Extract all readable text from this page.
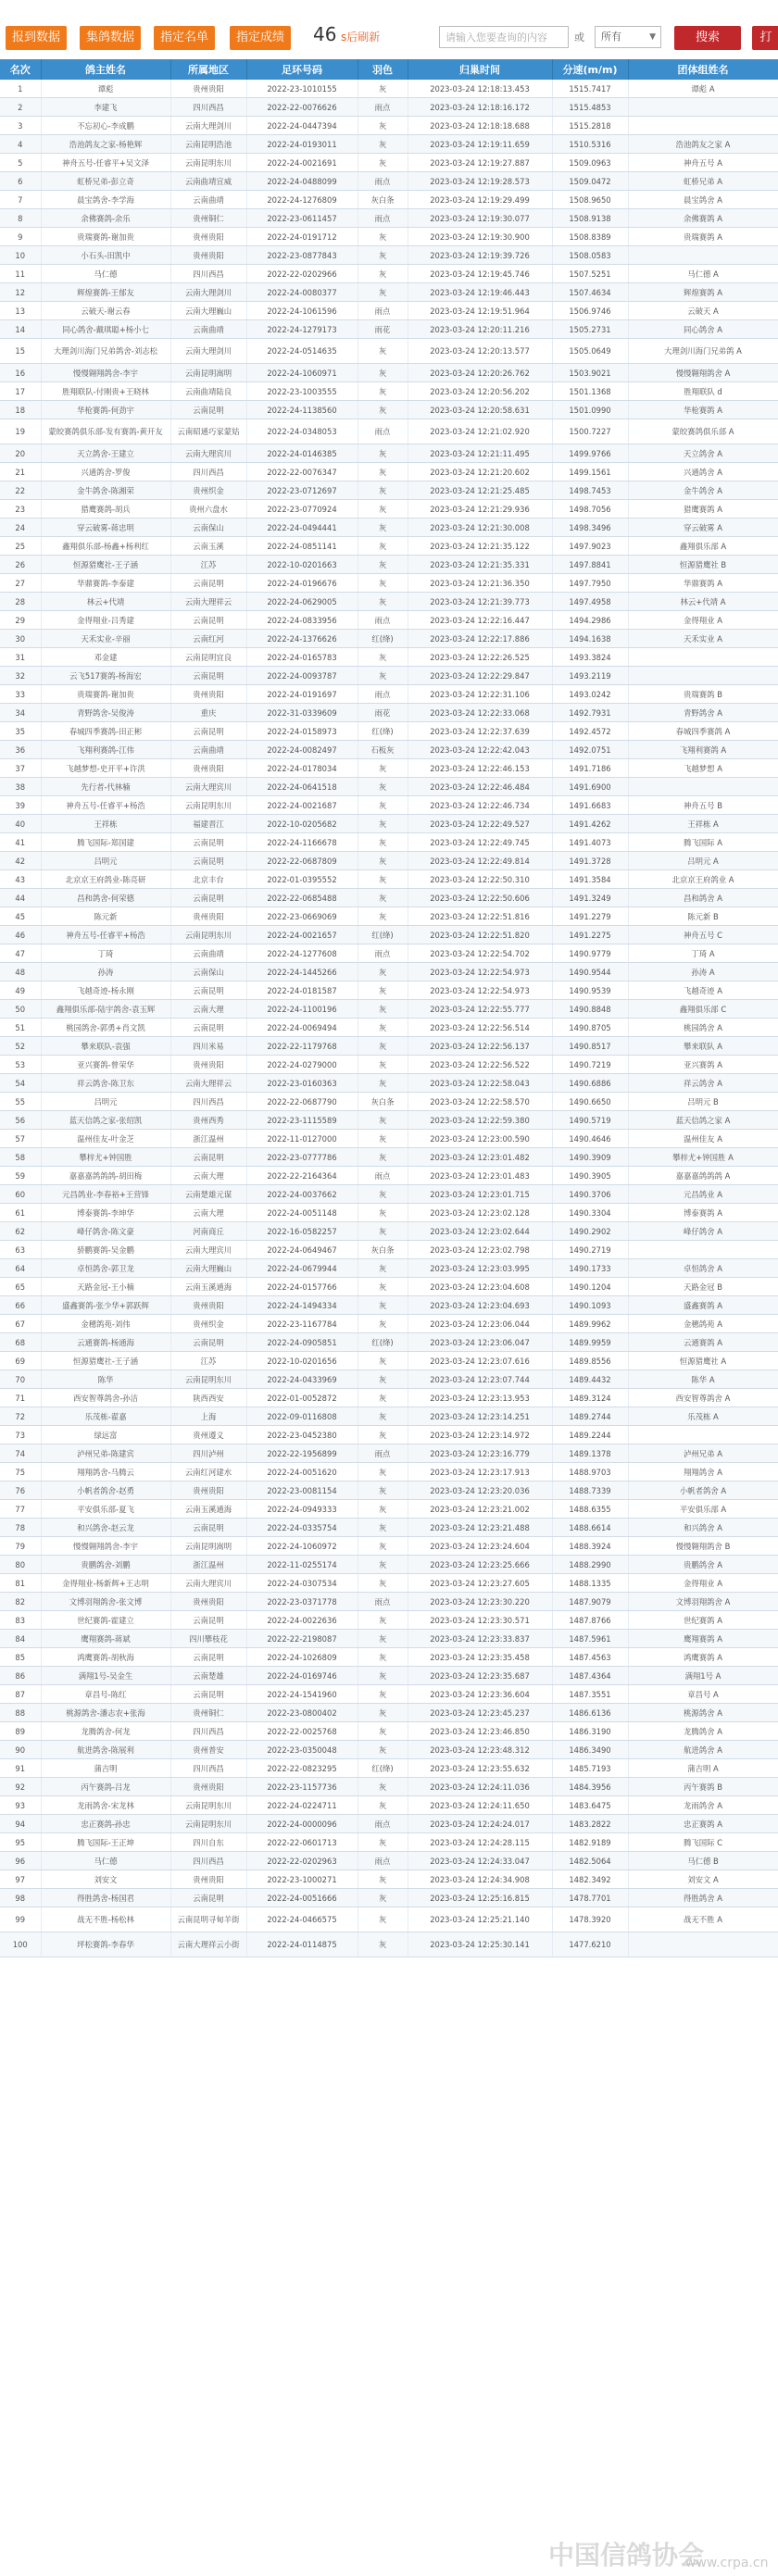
报到数据	集鸽数据	指定名单	指定成绩	46 s后刷新	请输入您要查询的内容	或	所有	▼	搜索	打
名次	鸽主姓名	所属地区	足环号码	羽色	归巢时间	分速(m/m)	团体组姓名
1	谭彪	贵州贵阳	2022-23-1010155	灰	2023-03-24 12:18:13.453	1515.7417	谭彪 A
2	李建飞	四川西昌	2022-22-0076626	雨点	2023-03-24 12:18:16.172	1515.4853	
3	不忘初心-李成鹏	云南大理剑川	2022-24-0447394	灰	2023-03-24 12:18:18.688	1515.2818	
4	浩池鸽友之家-杨艳辉	云南昆明浩池	2022-24-0193011	灰	2023-03-24 12:19:11.659	1510.5316	浩池鸽友之家 A
5	神舟五号-任睿平+吴文泽	云南昆明东川	2022-24-0021691	灰	2023-03-24 12:19:27.887	1509.0963	神舟五号 A
6	虹桥兄弟-彭立奇	云南曲靖宣威	2022-24-0488099	雨点	2023-03-24 12:19:28.573	1509.0472	虹桥兄弟 A
7	晨宝鸽舍-李学海	云南曲靖	2022-24-1276809	灰白条	2023-03-24 12:19:29.499	1508.9650	晨宝鸽舍 A
8	余佛赛鸽-余乐	贵州铜仁	2022-23-0611457	雨点	2023-03-24 12:19:30.077	1508.9138	余佛赛鸽 A
9	贵瑞赛鸽-谢加贵	贵州贵阳	2022-24-0191712	灰	2023-03-24 12:19:30.900	1508.8389	贵瑞赛鸽 A
10	小石头-田凯中	贵州贵阳	2022-23-0877843	灰	2023-03-24 12:19:39.726	1508.0583	
11	马仁德	四川西昌	2022-22-0202966	灰	2023-03-24 12:19:45.746	1507.5251	马仁德 A
12	辉煌赛鸽-王郁友	云南大理剑川	2022-24-0080377	灰	2023-03-24 12:19:46.443	1507.4634	辉煌赛鸽 A
13	云破天-谢云春	云南大理巍山	2022-24-1061596	雨点	2023-03-24 12:19:51.964	1506.9746	云破天 A
14	同心鸽舍-戴琪聪+杨小七	云南曲靖	2022-24-1279173	雨花	2023-03-24 12:20:11.216	1505.2731	同心鸽舍 A
15	大理剑川海门兄弟鸽舍-刘志松	云南大理剑川	2022-24-0514635	灰	2023-03-24 12:20:13.577	1505.0649	大理剑川海门兄弟鸽 A
16	慢慢翱翔鸽舍-李宇	云南昆明嵩明	2022-24-1060971	灰	2023-03-24 12:20:26.762	1503.9021	慢慢翱翔鸽舍 A
17	胜翔联队-付刚贵+王晓林	云南曲靖陆良	2022-23-1003555	灰	2023-03-24 12:20:56.202	1501.1368	胜翔联队 d
18	华枪赛鸽-何劲宇	云南昆明	2022-24-1138560	灰	2023-03-24 12:20:58.631	1501.0990	华枪赛鸽 A
19	蒙皎赛鸽俱乐部-发有赛鸽-黄开友	云南昭通巧家蒙姑	2022-24-0348053	雨点	2023-03-24 12:21:02.920	1500.7227	蒙皎赛鸽俱乐部 A
20	天立鸽舍-王建立	云南大理宾川	2022-24-0146385	灰	2023-03-24 12:21:11.495	1499.9766	天立鸽舍 A
21	兴通鸽舍-罗俊	四川西昌	2022-22-0076347	灰	2023-03-24 12:21:20.602	1499.1561	兴通鸽舍 A
22	金牛鸽舍-陈湘荣	贵州织金	2022-23-0712697	灰	2023-03-24 12:21:25.485	1498.7453	金牛鸽舍 A
23	猎鹰赛鸽-胡兵	贵州六盘水	2022-23-0770924	灰	2023-03-24 12:21:29.936	1498.7056	猎鹰赛鸽 A
24	穿云破雾-蒋忠明	云南保山	2022-24-0494441	灰	2023-03-24 12:21:30.008	1498.3496	穿云破雾 A
25	鑫翔俱乐部-杨鑫+杨利红	云南玉溪	2022-24-0851141	灰	2023-03-24 12:21:35.122	1497.9023	鑫翔俱乐部 A
26	恒源猎鹰社-王子涵	江苏	2022-10-0201663	灰	2023-03-24 12:21:35.331	1497.8841	恒源猎鹰社 B
27	华鼎赛鸽-李泰建	云南昆明	2022-24-0196676	灰	2023-03-24 12:21:36.350	1497.7950	华鼎赛鸽 A
28	林云+代靖	云南大理祥云	2022-24-0629005	灰	2023-03-24 12:21:39.773	1497.4958	林云+代靖 A
29	金得翔业-吕秀建	云南昆明	2022-24-0833956	雨点	2023-03-24 12:22:16.447	1494.2986	金得翔业 A
30	天禾实业-辛丽	云南红河	2022-24-1376626	红(绛)	2023-03-24 12:22:17.886	1494.1638	天禾实业 A
31	邓金建	云南昆明宜良	2022-24-0165783	灰	2023-03-24 12:22:26.525	1493.3824	
32	云飞517赛鸽-杨海宏	云南昆明	2022-24-0093787	灰	2023-03-24 12:22:29.847	1493.2119	
33	贵瑞赛鸽-谢加贵	贵州贵阳	2022-24-0191697	雨点	2023-03-24 12:22:31.106	1493.0242	贵瑞赛鸽 B
34	青野鸽舍-吴俊涛	重庆	2022-31-0339609	雨花	2023-03-24 12:22:33.068	1492.7931	青野鸽舍 A
35	春城四季赛鸽-田正彬	云南昆明	2022-24-0158973	红(绛)	2023-03-24 12:22:37.639	1492.4572	春城四季赛鸽 A
36	飞翔利赛鸽-江伟	云南曲靖	2022-24-0082497	石板灰	2023-03-24 12:22:42.043	1492.0751	飞翔利赛鸽 A
37	飞越梦想-史开平+许洪	贵州贵阳	2022-24-0178034	灰	2023-03-24 12:22:46.153	1491.7186	飞越梦想 A
38	先行者-代林楠	云南大理宾川	2022-24-0641518	灰	2023-03-24 12:22:46.484	1491.6900	
39	神舟五号-任睿平+杨浩	云南昆明东川	2022-24-0021687	灰	2023-03-24 12:22:46.734	1491.6683	神舟五号 B
40	王祥栋	福建晋江	2022-10-0205682	灰	2023-03-24 12:22:49.527	1491.4262	王祥栋 A
41	腾飞国际-郑国建	云南昆明	2022-24-1166678	灰	2023-03-24 12:22:49.745	1491.4073	腾飞国际 A
42	吕明元	云南昆明	2022-22-0687809	灰	2023-03-24 12:22:49.814	1491.3728	吕明元 A
43	北京京王府鸽业-陈亮研	北京丰台	2022-01-0395552	灰	2023-03-24 12:22:50.310	1491.3584	北京京王府鸽业 A
44	昌和鸽舍-何荣德	云南昆明	2022-22-0685488	灰	2023-03-24 12:22:50.606	1491.3249	昌和鸽舍 A
45	陈元新	贵州贵阳	2022-23-0669069	灰	2023-03-24 12:22:51.816	1491.2279	陈元新 B
46	神舟五号-任睿平+杨浩	云南昆明东川	2022-24-0021657	红(绛)	2023-03-24 12:22:51.820	1491.2275	神舟五号 C
47	丁琦	云南曲靖	2022-24-1277608	雨点	2023-03-24 12:22:54.702	1490.9779	丁琦 A
48	孙涛	云南保山	2022-24-1445266	灰	2023-03-24 12:22:54.973	1490.9544	孙涛 A
49	飞越奇迹-杨永刚	云南昆明	2022-24-0181587	灰	2023-03-24 12:22:54.973	1490.9539	飞越奇迹 A
50	鑫翔俱乐部-陆宇鸽舍-袁玉辉	云南大理	2022-24-1100196	灰	2023-03-24 12:22:55.777	1490.8848	鑫翔俱乐部 C
51	桃园鸽舍-郭勇+肖文凯	云南昆明	2022-24-0069494	灰	2023-03-24 12:22:56.514	1490.8705	桃园鸽舍 A
52	攀来联队-袁强	四川米易	2022-22-1179768	灰	2023-03-24 12:22:56.137	1490.8517	攀来联队 A
53	亚兴赛鸽-曾荣华	贵州贵阳	2022-24-0279000	灰	2023-03-24 12:22:56.522	1490.7219	亚兴赛鸽 A
54	祥云鸽舍-陈卫东	云南大理祥云	2022-23-0160363	灰	2023-03-24 12:22:58.043	1490.6886	祥云鸽舍 A
55	吕明元	四川西昌	2022-22-0687790	灰白条	2023-03-24 12:22:58.570	1490.6650	吕明元 B
56	蓝天信鸽之家-张绍凯	贵州西秀	2022-23-1115589	灰	2023-03-24 12:22:59.380	1490.5719	蓝天信鸽之家 A
57	温州佳友-叶金芝	浙江温州	2022-11-0127000	灰	2023-03-24 12:23:00.590	1490.4646	温州佳友 A
58	攀梓尤+钟国胜	云南昆明	2022-23-0777786	灰	2023-03-24 12:23:01.482	1490.3909	攀梓尤+钟国胜 A
59	嘉嘉嘉鸽鸽鸽-胡田梅	云南大理	2022-22-2164364	雨点	2023-03-24 12:23:01.483	1490.3905	嘉嘉嘉鸽鸽鸽 A
60	元昌鸽业-李春裕+王营锋	云南楚雄元谋	2022-24-0037662	灰	2023-03-24 12:23:01.715	1490.3706	元昌鸽业 A
61	博泰赛鸽-李坤华	云南大理	2022-24-0051148	灰	2023-03-24 12:23:02.128	1490.3304	博泰赛鸽 A
62	峰仔鸽舍-陈文豪	河南商丘	2022-16-0582257	灰	2023-03-24 12:23:02.644	1490.2902	峰仔鸽舍 A
63	骄鹏赛鸽-吴金鹏	云南大理宾川	2022-24-0649467	灰白条	2023-03-24 12:23:02.798	1490.2719	
64	卓恒鸽舍-郭卫龙	云南大理巍山	2022-24-0679944	灰	2023-03-24 12:23:03.995	1490.1733	卓恒鸽舍 A
65	天路金冠-王小楠	云南玉溪通海	2022-24-0157766	灰	2023-03-24 12:23:04.608	1490.1204	天路金冠 B
66	盛鑫赛鸽-张少华+郭跃辉	贵州贵阳	2022-24-1494334	灰	2023-03-24 12:23:04.693	1490.1093	盛鑫赛鸽 A
67	金穗鸽苑-刘伟	贵州织金	2022-23-1167784	灰	2023-03-24 12:23:06.044	1489.9962	金穗鸽苑 A
68	云通赛鸽-杨通海	云南昆明	2022-24-0905851	红(绛)	2023-03-24 12:23:06.047	1489.9959	云通赛鸽 A
69	恒源猎鹰社-王子涵	江苏	2022-10-0201656	灰	2023-03-24 12:23:07.616	1489.8556	恒源猎鹰社 A
70	陈华	云南昆明东川	2022-24-0433969	灰	2023-03-24 12:23:07.744	1489.4432	陈华 A
71	西安智尊鸽舍-孙洁	陕西西安	2022-01-0052872	灰	2023-03-24 12:23:13.953	1489.3124	西安智尊鸽舍 A
72	乐茂栋-翟嘉	上海	2022-09-0116808	灰	2023-03-24 12:23:14.251	1489.2744	乐茂栋 A
73	绿远富	贵州遵义	2022-23-0452380	灰	2023-03-24 12:23:14.972	1489.2244	
74	泸州兄弟-陈建宾	四川泸州	2022-22-1956899	雨点	2023-03-24 12:23:16.779	1489.1378	泸州兄弟 A
75	翔翔鸽舍-马腾云	云南红河建水	2022-24-0051620	灰	2023-03-24 12:23:17.913	1488.9703	翔翔鸽舍 A
76	小帆者鸽舍-赵勇	贵州贵阳	2022-23-0081154	灰	2023-03-24 12:23:20.036	1488.7339	小帆者鸽舍 A
77	平安俱乐部-夏飞	云南玉溪通海	2022-24-0949333	灰	2023-03-24 12:23:21.002	1488.6355	平安俱乐部 A
78	和兴鸽舍-赵云龙	云南昆明	2022-24-0335754	灰	2023-03-24 12:23:21.488	1488.6614	和兴鸽舍 A
79	慢慢翱翔鸽舍-李宇	云南昆明嵩明	2022-24-1060972	灰	2023-03-24 12:23:24.604	1488.3924	慢慢翱翔鸽舍 B
80	贵鹏鸽舍-刘鹏	浙江温州	2022-11-0255174	灰	2023-03-24 12:23:25.666	1488.2990	贵鹏鸽舍 A
81	金得翔业-杨新辉+王志明	云南大理宾川	2022-24-0307534	灰	2023-03-24 12:23:27.605	1488.1335	金得翔业 A
82	文博羽翔鸽舍-张文博	贵州贵阳	2022-23-0371778	雨点	2023-03-24 12:23:30.220	1487.9079	文博羽翔鸽舍 A
83	世纪赛鸽-霍建立	云南昆明	2022-24-0022636	灰	2023-03-24 12:23:30.571	1487.8766	世纪赛鸽 A
84	鹰翔赛鸽-蒋斌	四川攀枝花	2022-22-2198087	灰	2023-03-24 12:23:33.837	1487.5961	鹰翔赛鸽 A
85	鸿鹰赛鸽-胡秋海	云南昆明	2022-24-1026809	灰	2023-03-24 12:23:35.458	1487.4563	鸿鹰赛鸽 A
86	满翔1号-吴金生	云南楚雄	2022-24-0169746	灰	2023-03-24 12:23:35.687	1487.4364	满翔1号 A
87	章昌号-陈红	云南昆明	2022-24-1541960	灰	2023-03-24 12:23:36.604	1487.3551	章昌号 A
88	桃源鸽舍-潘志农+张海	贵州铜仁	2022-23-0800402	灰	2023-03-24 12:23:45.237	1486.6136	桃源鸽舍 A
89	龙腾鸽舍-何龙	四川西昌	2022-22-0025768	灰	2023-03-24 12:23:46.850	1486.3190	龙腾鸽舍 A
90	航进鸽舍-陈展利	贵州普安	2022-23-0350048	灰	2023-03-24 12:23:48.312	1486.3490	航进鸽舍 A
91	蒲吉明	四川西昌	2022-22-0823295	红(绛)	2023-03-24 12:23:55.632	1485.7193	蒲吉明 A
92	丙午赛鸽-吕龙	贵州贵阳	2022-23-1157736	灰	2023-03-24 12:24:11.036	1484.3956	丙午赛鸽 B
93	龙雨鸽舍-宋龙林	云南昆明东川	2022-24-0224711	灰	2023-03-24 12:24:11.650	1483.6475	龙雨鸽舍 A
94	忠正赛鸽-孙忠	云南昆明东川	2022-24-0000096	雨点	2023-03-24 12:24:24.017	1483.2822	忠正赛鸽 A
95	腾飞国际-王正坤	四川自东	2022-22-0601713	灰	2023-03-24 12:24:28.115	1482.9189	腾飞国际 C
96	马仁德	四川西昌	2022-22-0202963	雨点	2023-03-24 12:24:33.047	1482.5064	马仁德 B
97	刘安文	贵州贵阳	2022-23-1000271	灰	2023-03-24 12:24:34.908	1482.3492	刘安文 A
98	得胜鸽舍-杨国君	云南昆明	2022-24-0051666	灰	2023-03-24 12:25:16.815	1478.7701	得胜鸽舍 A
99	战无不胜-杨松林	云南昆明寻甸羊街	2022-24-0466575	灰	2023-03-24 12:25:21.140	1478.3920	战无不胜 A
100	坪松赛鸽-李春华	云南大理祥云小街	2022-24-0114875	灰	2023-03-24 12:25:30.141	1477.6210	
中国信鸽协会
www.crpa.cn
